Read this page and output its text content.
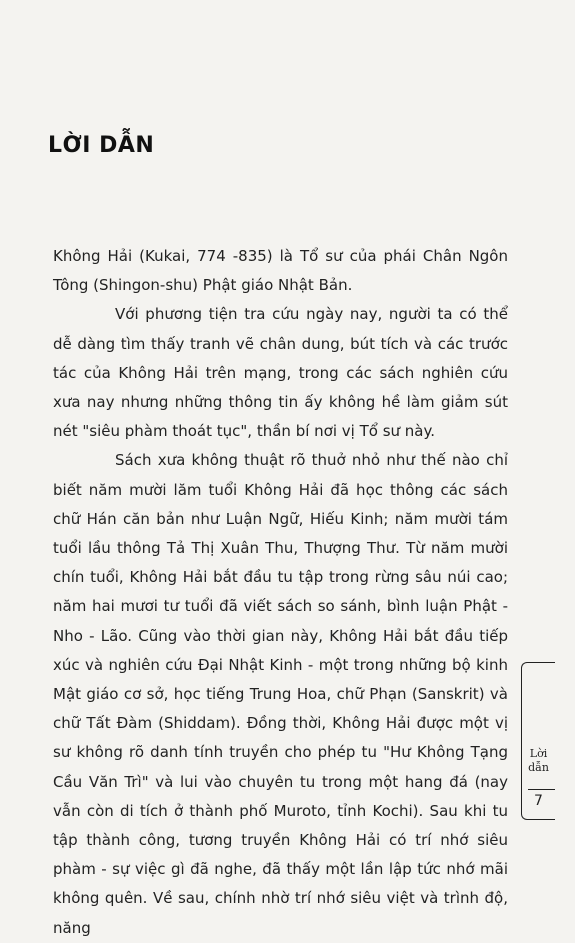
LỜI DẪN

Không Hải (Kukai, 774 -835) là Tổ sư của phái Chân Ngôn Tông (Shingon-shu) Phật giáo Nhật Bản.

Với phương tiện tra cứu ngày nay, người ta có thể dễ dàng tìm thấy tranh vẽ chân dung, bút tích và các trước tác của Không Hải trên mạng, trong các sách nghiên cứu xưa nay nhưng những thông tin ấy không hề làm giảm sút nét "siêu phàm thoát tục", thần bí nơi vị Tổ sư này.

Sách xưa không thuật rõ thuở nhỏ như thế nào chỉ biết năm mười lăm tuổi Không Hải đã học thông các sách chữ Hán căn bản như Luận Ngữ, Hiếu Kinh; năm mười tám tuổi lầu thông Tả Thị Xuân Thu, Thượng Thư. Từ năm mười chín tuổi, Không Hải bắt đầu tu tập trong rừng sâu núi cao; năm hai mươi tư tuổi đã viết sách so sánh, bình luận Phật - Nho - Lão. Cũng vào thời gian này, Không Hải bắt đầu tiếp xúc và nghiên cứu Đại Nhật Kinh - một trong những bộ kinh Mật giáo cơ sở, học tiếng Trung Hoa, chữ Phạn (Sanskrit) và chữ Tất Đàm (Shiddam). Đồng thời, Không Hải được một vị sư không rõ danh tính truyền cho phép tu "Hư Không Tạng Cầu Văn Trì" và lui vào chuyên tu trong một hang đá (nay vẫn còn di tích ở thành phố Muroto, tỉnh Kochi). Sau khi tu tập thành công, tương truyền Không Hải có trí nhớ siêu phàm - sự việc gì đã nghe, đã thấy một lần lập tức nhớ mãi không quên. Về sau, chính nhờ trí nhớ siêu việt và trình độ, năng

Lời
dẫn
7
